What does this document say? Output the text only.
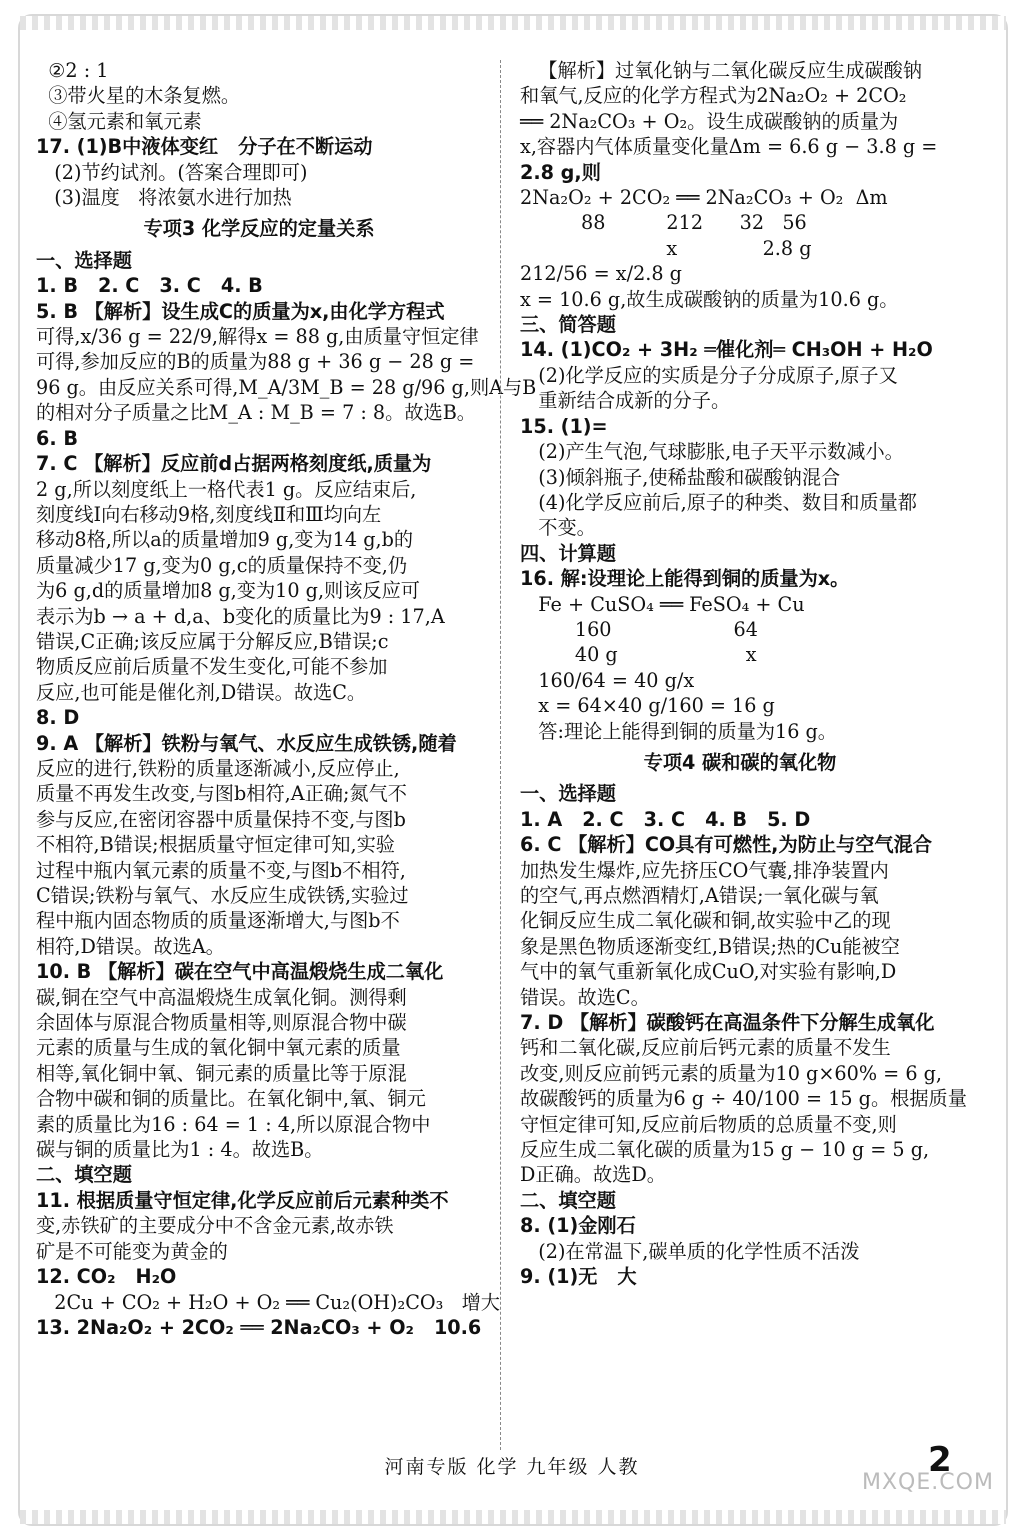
②2 : 1
③带火星的木条复燃。
④氢元素和氧元素
17. (1)B中液体变红   分子在不断运动
(2)节约试剂。(答案合理即可)
(3)温度   将浓氨水进行加热
专项3 化学反应的定量关系
一、选择题
1. B   2. C   3. C   4. B
5. B 【解析】设生成C的质量为x,由化学方程式
可得,x/36 g = 22/9,解得x = 88 g,由质量守恒定律
可得,参加反应的B的质量为88 g + 36 g − 28 g =
96 g。由反应关系可得,M_A/3M_B = 28 g/96 g,则A与B
的相对分子质量之比M_A : M_B = 7 : 8。故选B。
6. B
7. C 【解析】反应前d占据两格刻度纸,质量为
2 g,所以刻度纸上一格代表1 g。反应结束后,
刻度线Ⅰ向右移动9格,刻度线Ⅱ和Ⅲ均向左
移动8格,所以a的质量增加9 g,变为14 g,b的
质量减少17 g,变为0 g,c的质量保持不变,仍
为6 g,d的质量增加8 g,变为10 g,则该反应可
表示为b → a + d,a、b变化的质量比为9 : 17,A
错误,C正确;该反应属于分解反应,B错误;c
物质反应前后质量不发生变化,可能不参加
反应,也可能是催化剂,D错误。故选C。
8. D
9. A 【解析】铁粉与氧气、水反应生成铁锈,随着
反应的进行,铁粉的质量逐渐减小,反应停止,
质量不再发生改变,与图b相符,A正确;氮气不
参与反应,在密闭容器中质量保持不变,与图b
不相符,B错误;根据质量守恒定律可知,实验
过程中瓶内氧元素的质量不变,与图b不相符,
C错误;铁粉与氧气、水反应生成铁锈,实验过
程中瓶内固态物质的质量逐渐增大,与图b不
相符,D错误。故选A。
10. B 【解析】碳在空气中高温煅烧生成二氧化
碳,铜在空气中高温煅烧生成氧化铜。测得剩
余固体与原混合物质量相等,则原混合物中碳
元素的质量与生成的氧化铜中氧元素的质量
相等,氧化铜中氧、铜元素的质量比等于原混
合物中碳和铜的质量比。在氧化铜中,氧、铜元
素的质量比为16 : 64 = 1 : 4,所以原混合物中
碳与铜的质量比为1 : 4。故选B。
二、填空题
11. 根据质量守恒定律,化学反应前后元素种类不
变,赤铁矿的主要成分中不含金元素,故赤铁
矿是不可能变为黄金的
12. CO₂   H₂O
2Cu + CO₂ + H₂O + O₂ ══ Cu₂(OH)₂CO₃   增大
13. 2Na₂O₂ + 2CO₂ ══ 2Na₂CO₃ + O₂   10.6
【解析】过氧化钠与二氧化碳反应生成碳酸钠
和氧气,反应的化学方程式为2Na₂O₂ + 2CO₂
══ 2Na₂CO₃ + O₂。设生成碳酸钠的质量为
x,容器内气体质量变化量Δm = 6.6 g − 3.8 g =
2.8 g,则
2Na₂O₂ + 2CO₂ ══ 2Na₂CO₃ + O₂  Δm
88          212      32   56
x              2.8 g
212/56 = x/2.8 g
x = 10.6 g,故生成碳酸钠的质量为10.6 g。
三、简答题
14. (1)CO₂ + 3H₂ ═催化剂═ CH₃OH + H₂O
(2)化学反应的实质是分子分成原子,原子又
重新结合成新的分子。
15. (1)=
(2)产生气泡,气球膨胀,电子天平示数减小。
(3)倾斜瓶子,使稀盐酸和碳酸钠混合
(4)化学反应前后,原子的种类、数目和质量都
不变。
四、计算题
16. 解:设理论上能得到铜的质量为x。
Fe + CuSO₄ ══ FeSO₄ + Cu
160                    64
40 g                     x
160/64 = 40 g/x
x = 64×40 g/160 = 16 g
答:理论上能得到铜的质量为16 g。
专项4 碳和碳的氧化物
一、选择题
1. A   2. C   3. C   4. B   5. D
6. C 【解析】CO具有可燃性,为防止与空气混合
加热发生爆炸,应先挤压CO气囊,排净装置内
的空气,再点燃酒精灯,A错误;一氧化碳与氧
化铜反应生成二氧化碳和铜,故实验中乙的现
象是黑色物质逐渐变红,B错误;热的Cu能被空
气中的氧气重新氧化成CuO,对实验有影响,D
错误。故选C。
7. D 【解析】碳酸钙在高温条件下分解生成氧化
钙和二氧化碳,反应前后钙元素的质量不发生
改变,则反应前钙元素的质量为10 g×60% = 6 g,
故碳酸钙的质量为6 g ÷ 40/100 = 15 g。根据质量
守恒定律可知,反应前后物质的总质量不变,则
反应生成二氧化碳的质量为15 g − 10 g = 5 g,
D正确。故选D。
二、填空题
8. (1)金刚石
(2)在常温下,碳单质的化学性质不活泼
9. (1)无   大
河南专版 化学 九年级 人教	2
MXQE.COM
